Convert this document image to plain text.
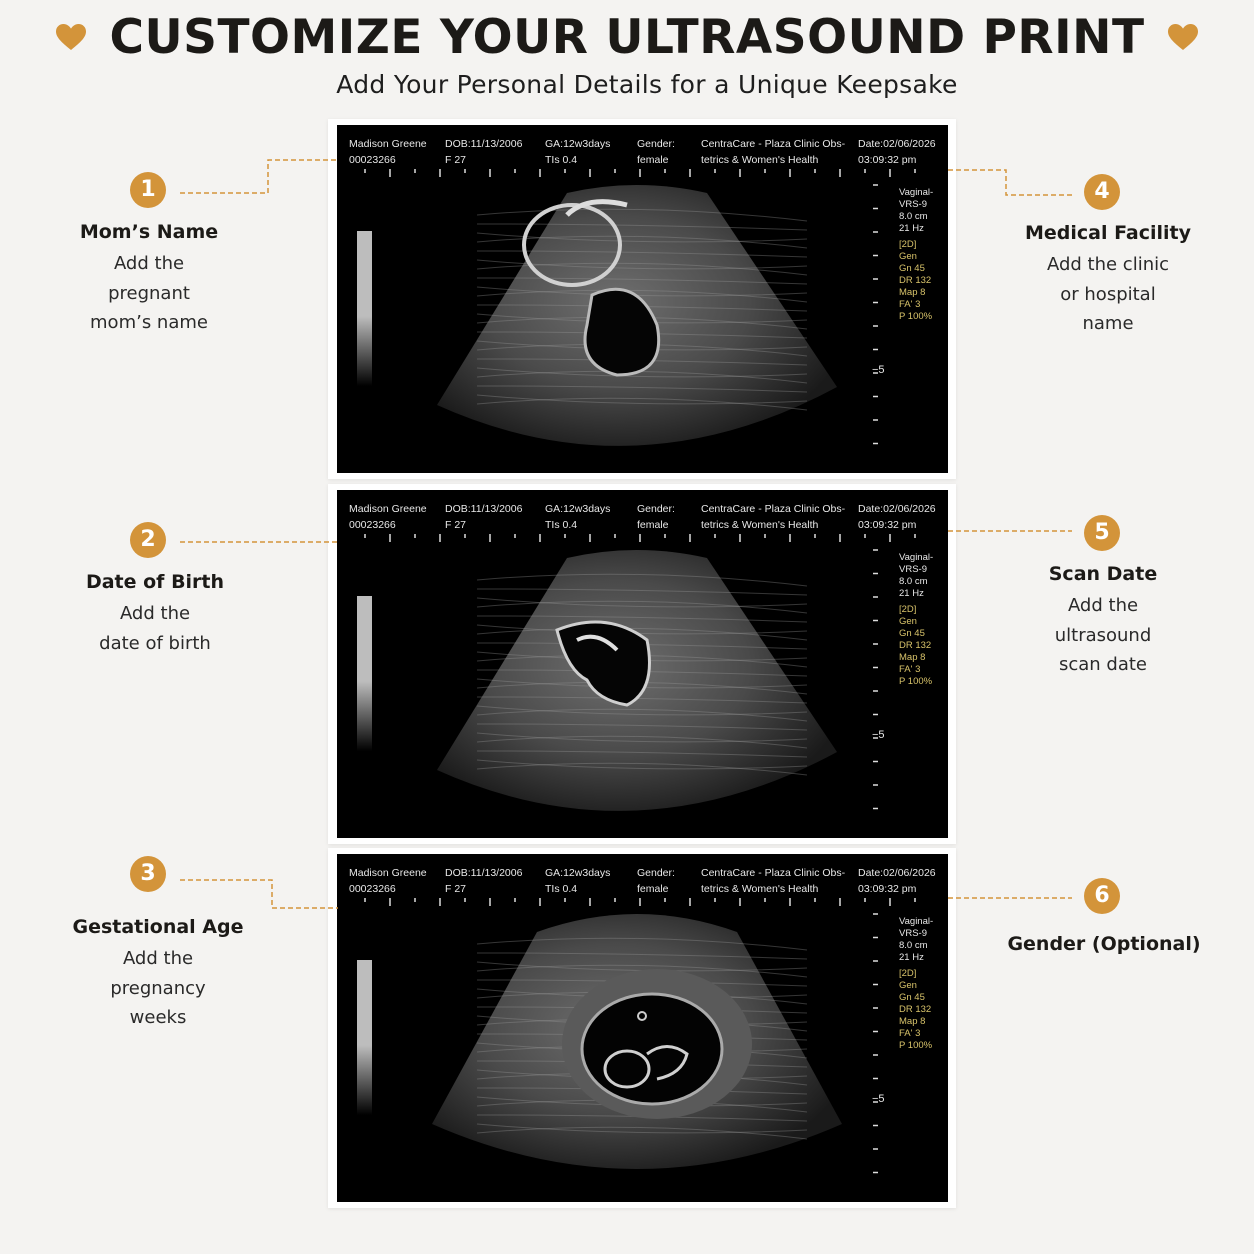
CUSTOMIZE YOUR ULTRASOUND PRINT
Add Your Personal Details for a Unique Keepsake
Madison Greene
00023266
DOB:11/13/2006
F 27
GA:12w3days
TIs 0.4
Gender:
female
CentraCare - Plaza Clinic Obs-
tetrics & Women's Health
Date:02/06/2026
03:09:32 pm
Vaginal-
VRS-9
8.0 cm
21 Hz
[2D]
Gen
Gn 45
DR 132
Map 8
FA' 3
P 100%
−5
Madison Greene
00023266
DOB:11/13/2006
F 27
GA:12w3days
TIs 0.4
Gender:
female
CentraCare - Plaza Clinic Obs-
tetrics & Women's Health
Date:02/06/2026
03:09:32 pm
Vaginal-
VRS-9
8.0 cm
21 Hz
[2D]
Gen
Gn 45
DR 132
Map 8
FA' 3
P 100%
−5
Madison Greene
00023266
DOB:11/13/2006
F 27
GA:12w3days
TIs 0.4
Gender:
female
CentraCare - Plaza Clinic Obs-
tetrics & Women's Health
Date:02/06/2026
03:09:32 pm
Vaginal-
VRS-9
8.0 cm
21 Hz
[2D]
Gen
Gn 45
DR 132
Map 8
FA' 3
P 100%
−5
1
Mom’s Name
Add the
pregnant
mom’s name
2
Date of Birth
Add the
date of birth
3
Gestational Age
Add the
pregnancy
weeks
4
Medical Facility
Add the clinic
or hospital
name
5
Scan Date
Add the
ultrasound
scan date
6
Gender (Optional)
